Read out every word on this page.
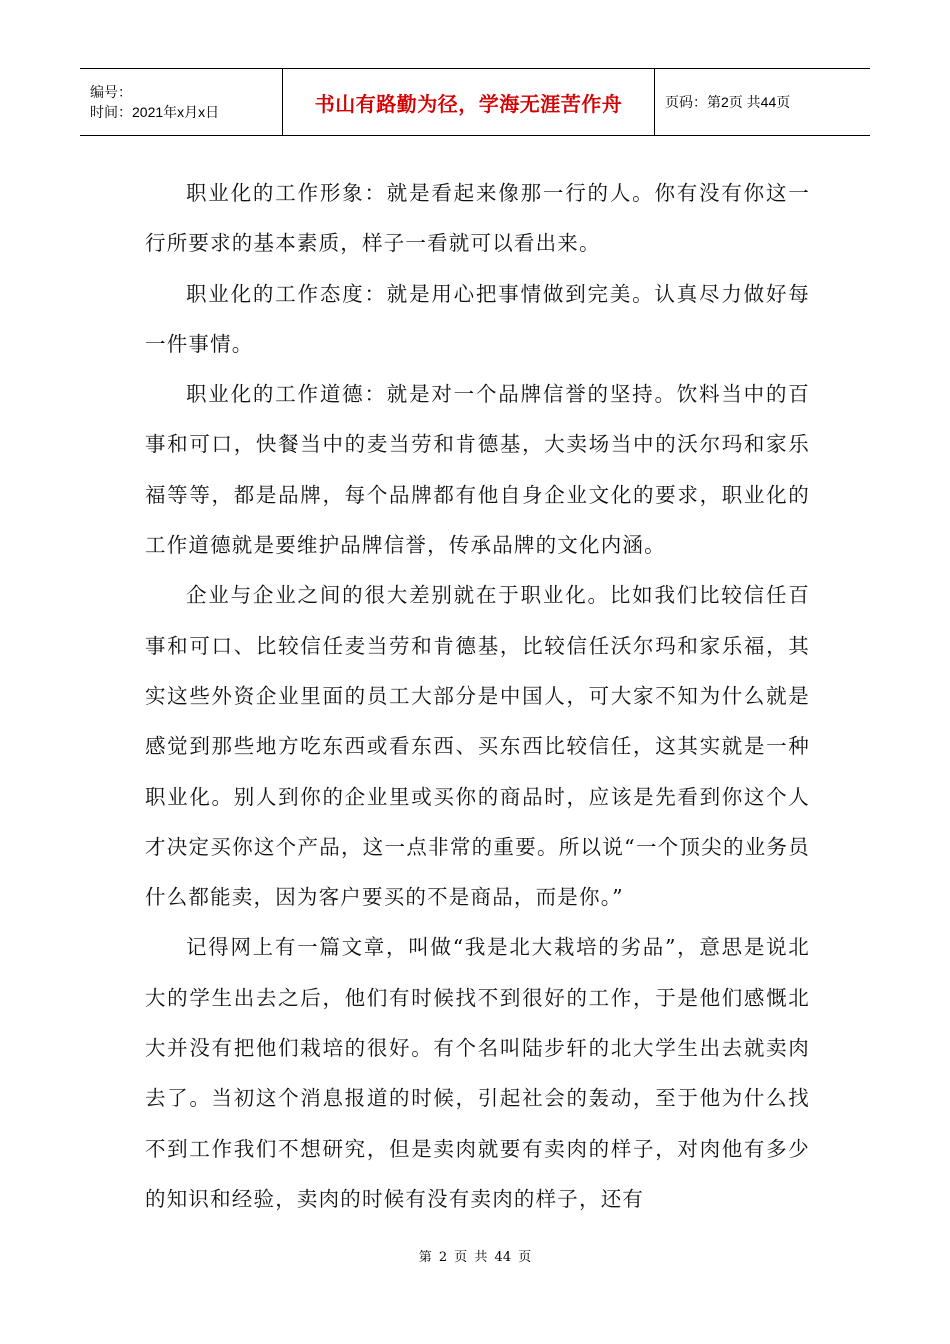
编号：
时间：2021年x月x日	书山有路勤为径，学海无涯苦作舟	页码：第2页 共44页

职业化的工作形象：就是看起来像那一行的人。你有没有你这一行所要求的基本素质，样子一看就可以看出来。

职业化的工作态度：就是用心把事情做到完美。认真尽力做好每一件事情。

职业化的工作道德：就是对一个品牌信誉的坚持。饮料当中的百事和可口，快餐当中的麦当劳和肯德基，大卖场当中的沃尔玛和家乐福等等，都是品牌，每个品牌都有他自身企业文化的要求，职业化的工作道德就是要维护品牌信誉，传承品牌的文化内涵。

企业与企业之间的很大差别就在于职业化。比如我们比较信任百事和可口、比较信任麦当劳和肯德基，比较信任沃尔玛和家乐福，其实这些外资企业里面的员工大部分是中国人，可大家不知为什么就是感觉到那些地方吃东西或看东西、买东西比较信任，这其实就是一种职业化。别人到你的企业里或买你的商品时，应该是先看到你这个人才决定买你这个产品，这一点非常的重要。所以说“一个顶尖的业务员什么都能卖，因为客户要买的不是商品，而是你。”

记得网上有一篇文章，叫做“我是北大栽培的劣品”，意思是说北大的学生出去之后，他们有时候找不到很好的工作，于是他们感慨北大并没有把他们栽培的很好。有个名叫陆步轩的北大学生出去就卖肉去了。当初这个消息报道的时候，引起社会的轰动，至于他为什么找不到工作我们不想研究，但是卖肉就要有卖肉的样子，对肉他有多少的知识和经验，卖肉的时候有没有卖肉的样子，还有

第 2 页 共 44 页
